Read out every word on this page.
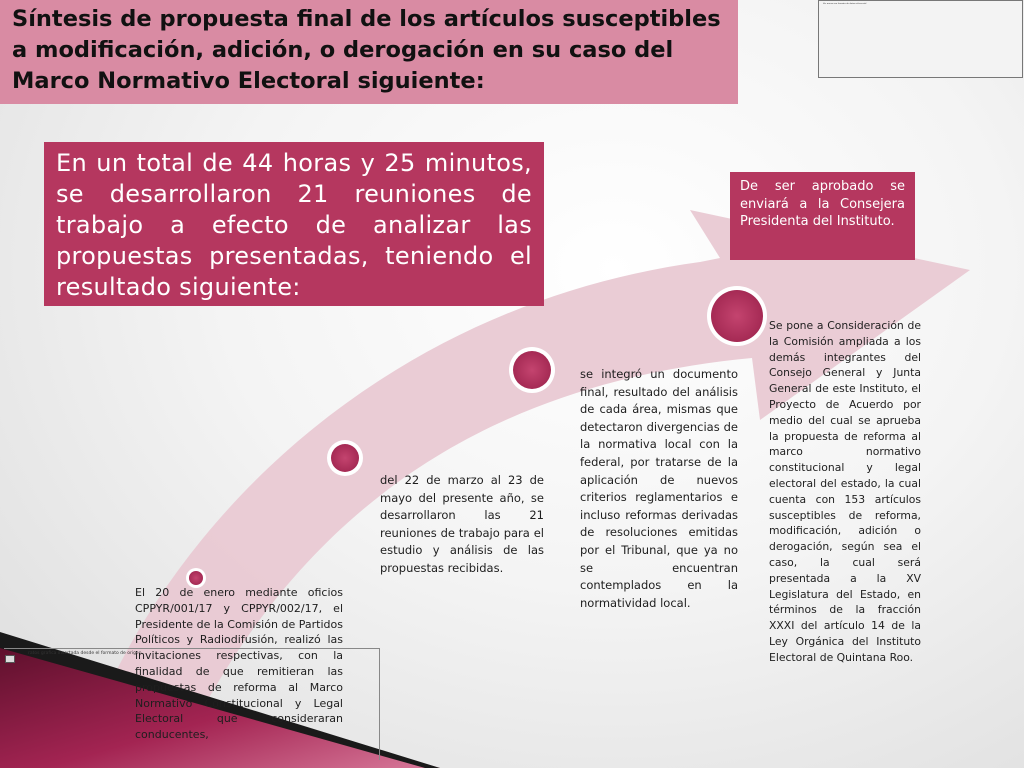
Síntesis de propuesta final de los artículos susceptibles a modificación, adición, o derogación en su caso del Marco Normativo Electoral siguiente:
Ver anexo con formato de datos referencial
En un total de 44 horas y 25 minutos, se desarrollaron 21 reuniones de trabajo a efecto de analizar las propuestas presentadas, teniendo el resultado siguiente:
De ser aprobado se enviará a la Consejera Presidenta del Instituto.
El 20 de enero mediante oficios CPPYR/001/17 y CPPYR/002/17, el Presidente de la Comisión de Partidos Políticos y Radiodifusión, realizó las invitaciones respectivas, con la finalidad de que remitieran las propuestas de reforma al Marco Normativo Constitucional y Legal Electoral que consideraran conducentes,
del 22 de marzo al 23 de mayo del presente año, se desarrollaron las 21 reuniones de trabajo para el estudio y análisis de las propuestas recibidas.
se integró un documento final, resultado del análisis de cada área, mismas que detectaron divergencias de la normativa local con la federal, por tratarse de la aplicación de nuevos criterios reglamentarios e incluso reformas derivadas de resoluciones emitidas por el Tribunal, que ya no se encuentran contemplados en la normatividad local.
Se pone a Consideración de la Comisión ampliada a los demás integrantes del Consejo General y Junta General de este Instituto, el Proyecto de Acuerdo por medio del cual se aprueba la propuesta de reforma al marco normativo constitucional y legal electoral del estado, la cual cuenta con 153 artículos susceptibles de reforma, modificación, adición o derogación, según sea el caso, la cual será presentada a la XV Legislatura del Estado, en términos de la fracción XXXI del artículo 14 de la Ley Orgánica del Instituto Electoral de Quintana Roo.
ratos grafica insertada desde el formato de origen
